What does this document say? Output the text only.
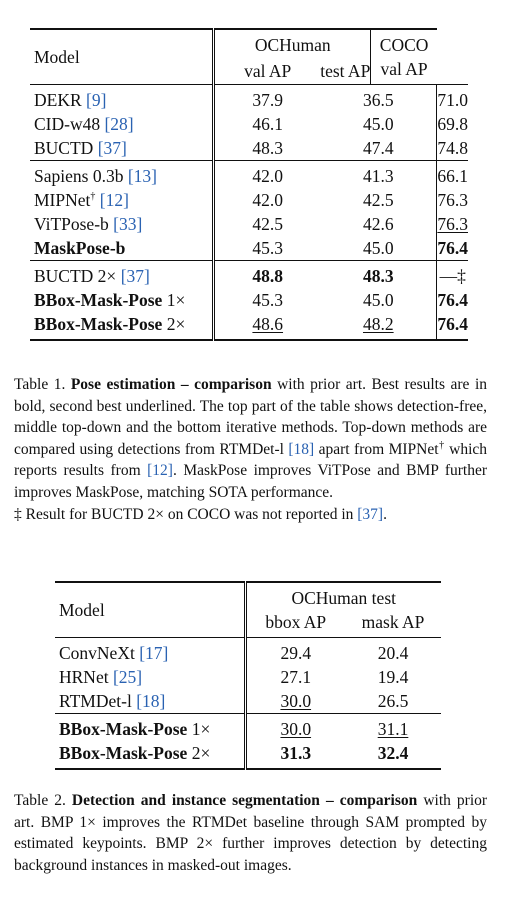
Model	OCHuman		COCO	
	val AP	test AP	val AP	
DEKR [9]	37.9	36.5		71.0
CID-w48 [28]	46.1	45.0		69.8
BUCTD [37]	48.3	47.4		74.8
Sapiens 0.3b [13]	42.0	41.3		66.1
MIPNet† [12]	42.0	42.5		76.3
ViTPose-b [33]	42.5	42.6		76.3
MaskPose-b	45.3	45.0		76.4
BUCTD 2× [37]	48.8	48.3		—‡
BBox-Mask-Pose 1×	45.3	45.0		76.4
BBox-Mask-Pose 2×	48.6	48.2		76.4
Table 1. Pose estimation – comparison with prior art. Best results are in bold, second best underlined. The top part of the table shows detection-free, middle top-down and the bottom iterative methods. Top-down methods are compared using detections from RTMDet-l [18] apart from MIPNet† which reports results from [12]. MaskPose improves ViTPose and BMP further improves MaskPose, matching SOTA performance.
‡ Result for BUCTD 2× on COCO was not reported in [37].
Model	OCHuman test	
	bbox AP	mask AP
ConvNeXt [17]	29.4	20.4
HRNet [25]	27.1	19.4
RTMDet-l [18]	30.0	26.5
BBox-Mask-Pose 1×	30.0	31.1
BBox-Mask-Pose 2×	31.3	32.4
Table 2. Detection and instance segmentation – comparison with prior art. BMP 1× improves the RTMDet baseline through SAM prompted by estimated keypoints. BMP 2× further improves detection by detecting background instances in masked-out images.
